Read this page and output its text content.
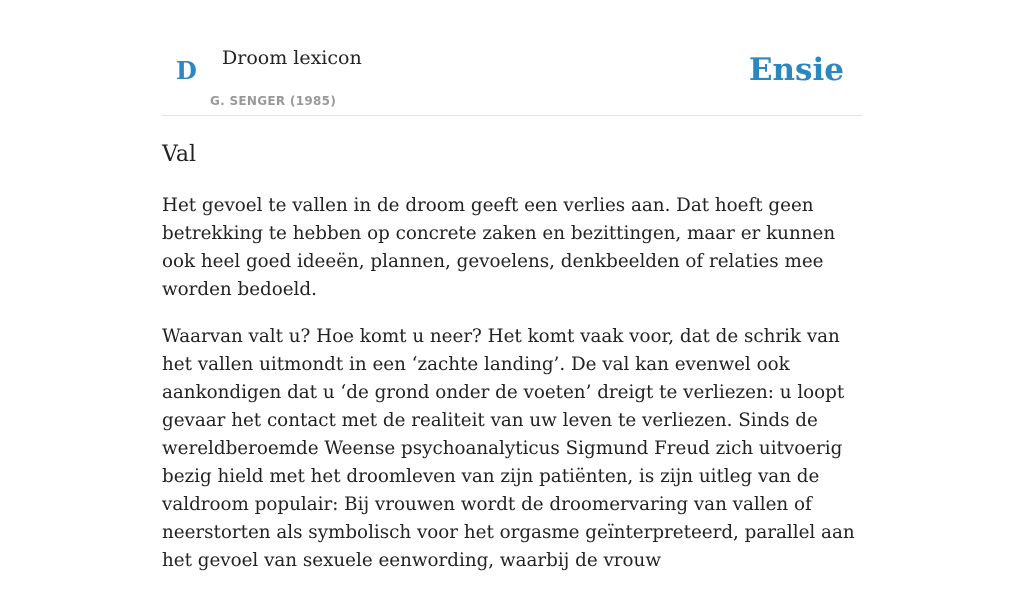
D Droom lexicon
G. SENGER (1985)
Ensie
Val

Het gevoel te vallen in de droom geeft een verlies aan. Dat hoeft geen betrekking te hebben op concrete zaken en bezittingen, maar er kunnen ook heel goed ideeën, plannen, gevoelens, denkbeelden of relaties mee worden bedoeld.

Waarvan valt u? Hoe komt u neer? Het komt vaak voor, dat de schrik van het vallen uitmondt in een ‘zachte landing’. De val kan evenwel ook aankondigen dat u ‘de grond onder de voeten’ dreigt te verliezen: u loopt gevaar het contact met de realiteit van uw leven te verliezen. Sinds de wereldberoemde Weense psychoanalyticus Sigmund Freud zich uitvoerig bezig hield met het droomleven van zijn patiënten, is zijn uitleg van de valdroom populair: Bij vrouwen wordt de droomervaring van vallen of neerstorten als symbolisch voor het orgasme geïnterpreteerd, parallel aan het gevoel van sexuele eenwording, waarbij de vrouw
